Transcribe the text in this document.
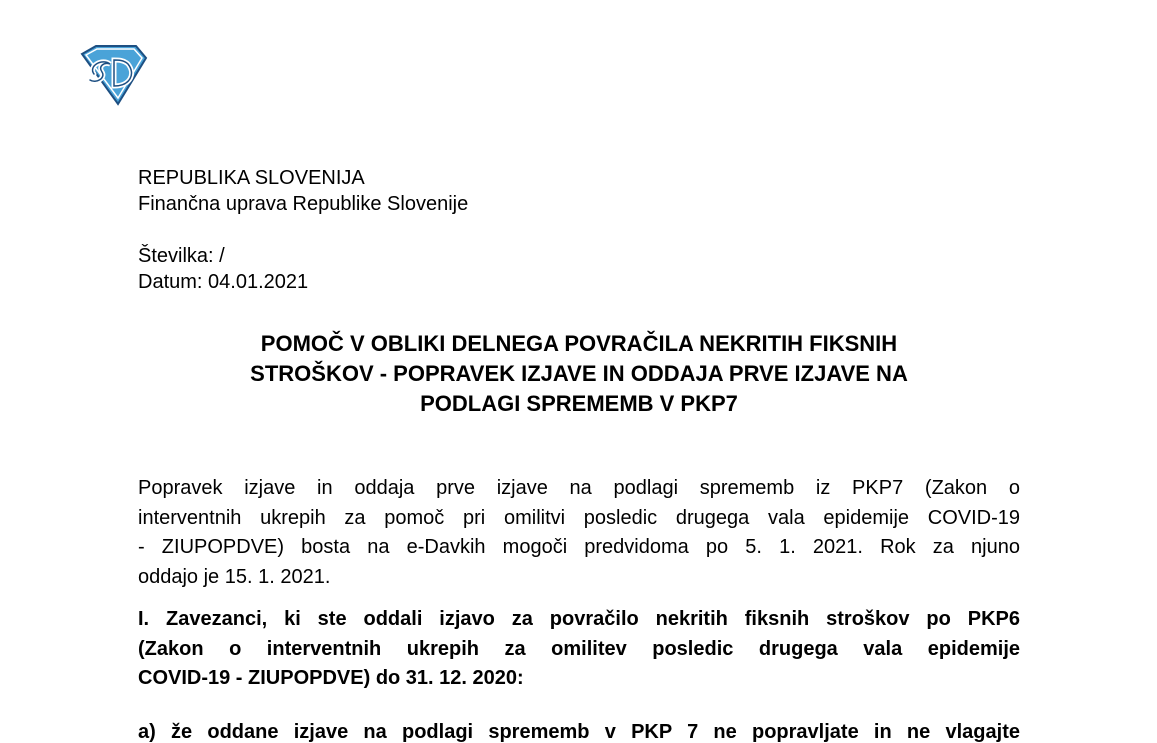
REPUBLIKA SLOVENIJA
Finančna uprava Republike Slovenije
Številka: /
Datum: 04.01.2021
POMOČ V OBLIKI DELNEGA POVRAČILA NEKRITIH FIKSNIH
STROŠKOV - POPRAVEK IZJAVE IN ODDAJA PRVE IZJAVE NA
PODLAGI SPREMEMB V PKP7
Popravek izjave in oddaja prve izjave na podlagi sprememb iz PKP7 (Zakon o
interventnih ukrepih za pomoč pri omilitvi posledic drugega vala epidemije COVID-19
- ZIUPOPDVE) bosta na e-Davkih mogoči predvidoma po 5. 1. 2021. Rok za njuno
oddajo je 15. 1. 2021.
I. Zavezanci, ki ste oddali izjavo za povračilo nekritih fiksnih stroškov po PKP6
(Zakon o interventnih ukrepih za omilitev posledic drugega vala epidemije
COVID-19 - ZIUPOPDVE) do 31. 12. 2020:
a) že oddane izjave na podlagi sprememb v PKP 7 ne popravljate in ne vlagajte
